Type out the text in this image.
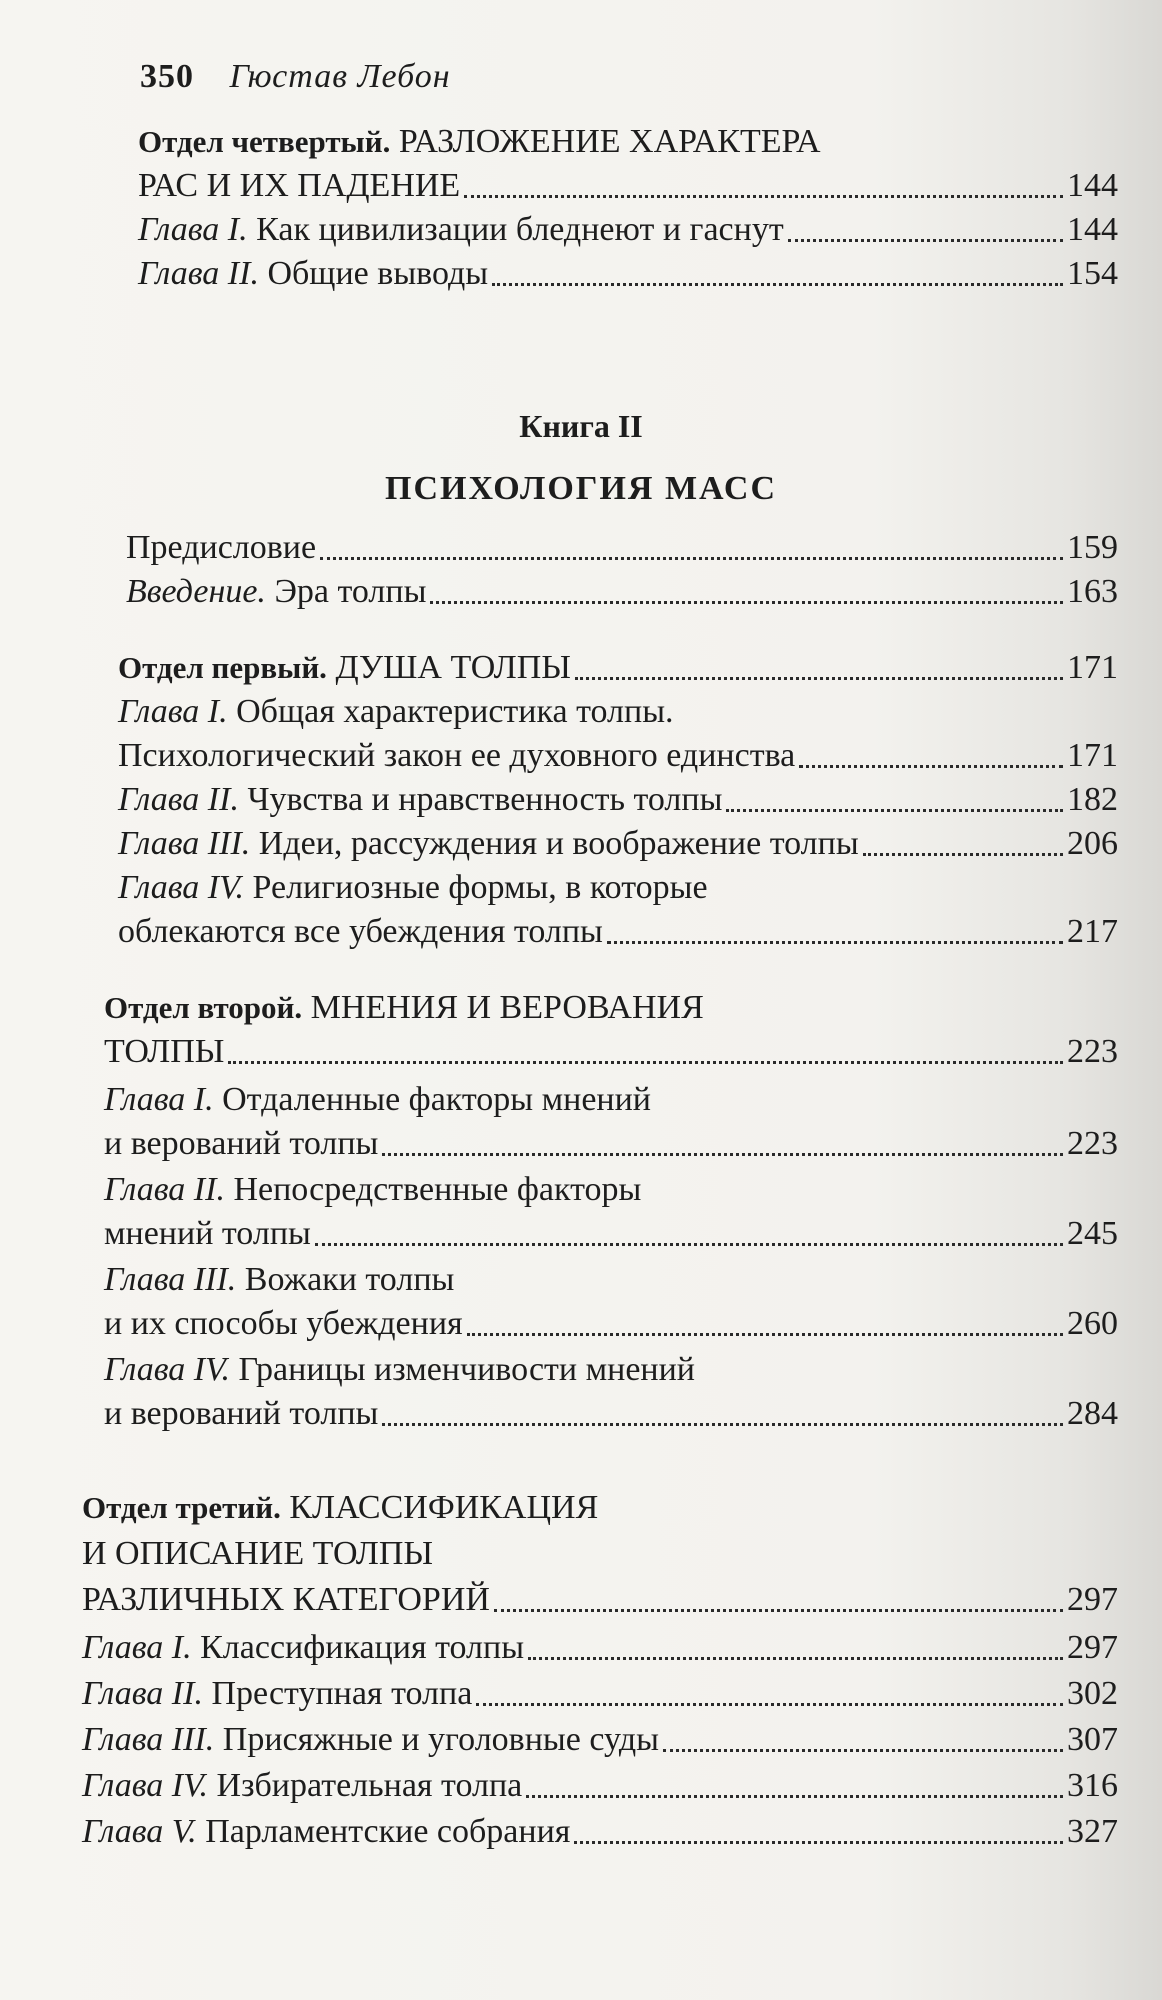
350 Гюстав Лебон
Отдел четвертый.
РАЗЛОЖЕНИЕ ХАРАКТЕРА
РАС И ИХ ПАДЕНИЕ	144
Глава I.
Как цивилизации бледнеют и гаснут	144
Глава II.
Общие выводы	154
Книга II
ПСИХОЛОГИЯ МАСС
Предисловие	159
Введение.
Эра толпы	163
Отдел первый.
ДУША ТОЛПЫ	171
Глава I.
Общая характеристика толпы.
Психологический закон ее духовного единства	171
Глава II.
Чувства и нравственность толпы	182
Глава III.
Идеи, рассуждения и воображение толпы	206
Глава IV.
Религиозные формы, в которые
облекаются все убеждения толпы	217
Отдел второй.
МНЕНИЯ И ВЕРОВАНИЯ
ТОЛПЫ	223
Глава I.
Отдаленные факторы мнений
и верований толпы	223
Глава II.
Непосредственные факторы
мнений толпы	245
Глава III.
Вожаки толпы
и их способы убеждения	260
Глава IV.
Границы изменчивости мнений
и верований толпы	284
Отдел третий.
КЛАССИФИКАЦИЯ
И ОПИСАНИЕ ТОЛПЫ
РАЗЛИЧНЫХ КАТЕГОРИЙ	297
Глава I.
Классификация толпы	297
Глава II.
Преступная толпа	302
Глава III.
Присяжные и уголовные суды	307
Глава IV.
Избирательная толпа	316
Глава V.
Парламентские собрания	327
